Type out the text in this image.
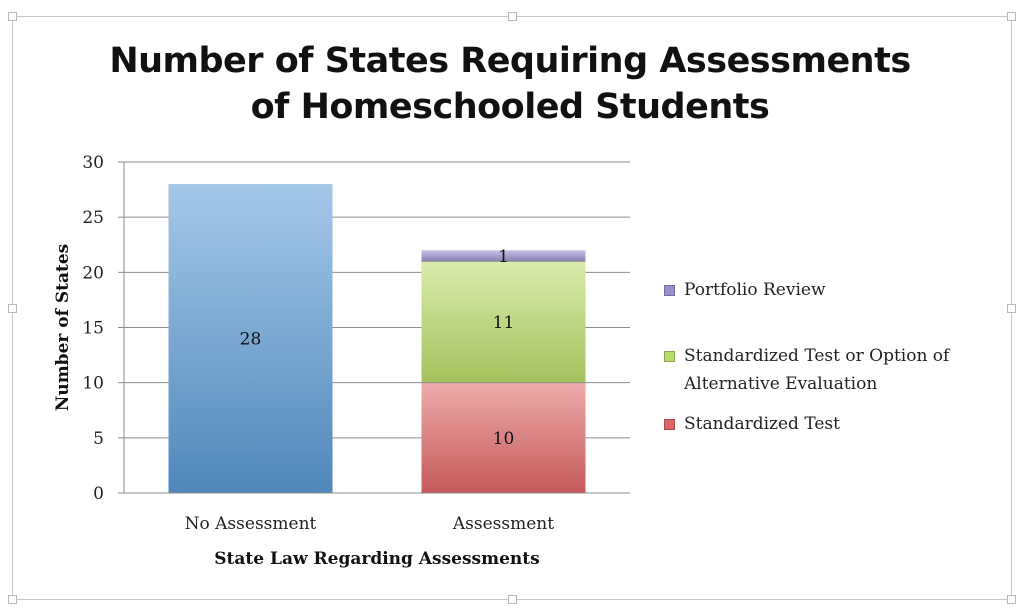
Number of States Requiring Assessments
of Homeschooled Students
28
10
11
1
0
5
10
15
20
25
30
No Assessment	Assessment
State Law Regarding Assessments
Number of States	Portfolio Review
Standardized Test or Option of
Alternative Evaluation
Standardized Test
